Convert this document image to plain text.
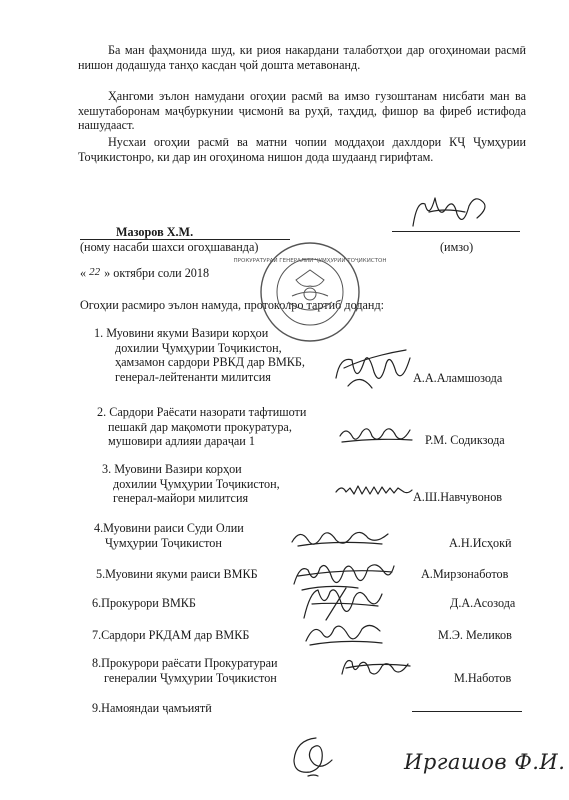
Ба ман фаҳмонида шуд, ки риоя накардани талаботҳои дар огоҳиномаи расмӣ нишон додашуда танҳо касдан ҷой дошта метавонанд.
Ҳангоми эълон намудани огоҳии расмӣ ва имзо гузоштанам нисбати ман ва хешутаборонам маҷбуркунии ҷисмонӣ ва руҳӣ, таҳдид, фишор ва фиреб истифода нашудааст.
Нусхаи огоҳии расмӣ ва матни чопии моддаҳои дахлдори КҶ Ҷумҳурии Тоҷикистонро, ки дар ин огоҳинома нишон дода шудаанд гирифтам.
Мазоров Х.М.
(ному насаби шахси огоҳшаванда)	(имзо)
« 22 » октябри соли 2018
Огоҳии расмиро эълон намуда, протоколро тартиб доданд:
1. Муовини якуми Вазири корҳои
дохилии Ҷумҳурии Тоҷикистон,
ҳамзамон сардори РВКД дар ВМКБ,
генерал-лейтенанти милитсия	А.А.Аламшозода
2. Сардори Раёсати назорати тафтишоти
пешакӣ дар мақомоти прокуратура,
мушовири адлияи дараҷаи 1	Р.М. Содикзода
3. Муовини Вазири корҳои
дохилии Ҷумҳурии Тоҷикистон,
генерал-майори милитсия	А.Ш.Навчувонов
4.Муовини раиси Суди Олии
Ҷумҳурии Тоҷикистон	А.Н.Исҳокӣ
5.Муовини якуми раиси ВМКБ	А.Мирзонаботов
6.Прокурори ВМКБ	Д.А.Асозода
7.Сардори РКДАМ дар ВМКБ	М.Э. Меликов
8.Прокурори раёсати Прокуратураи
генералии Ҷумҳурии Тоҷикистон	М.Наботов
9.Намояндаи ҷамъиятӣ
ПРОКУРАТУРАИ ГЕНЕРАЛИИ ҶУМҲУРИИ ТОҶИКИСТОН
Иргашов Ф.И.
